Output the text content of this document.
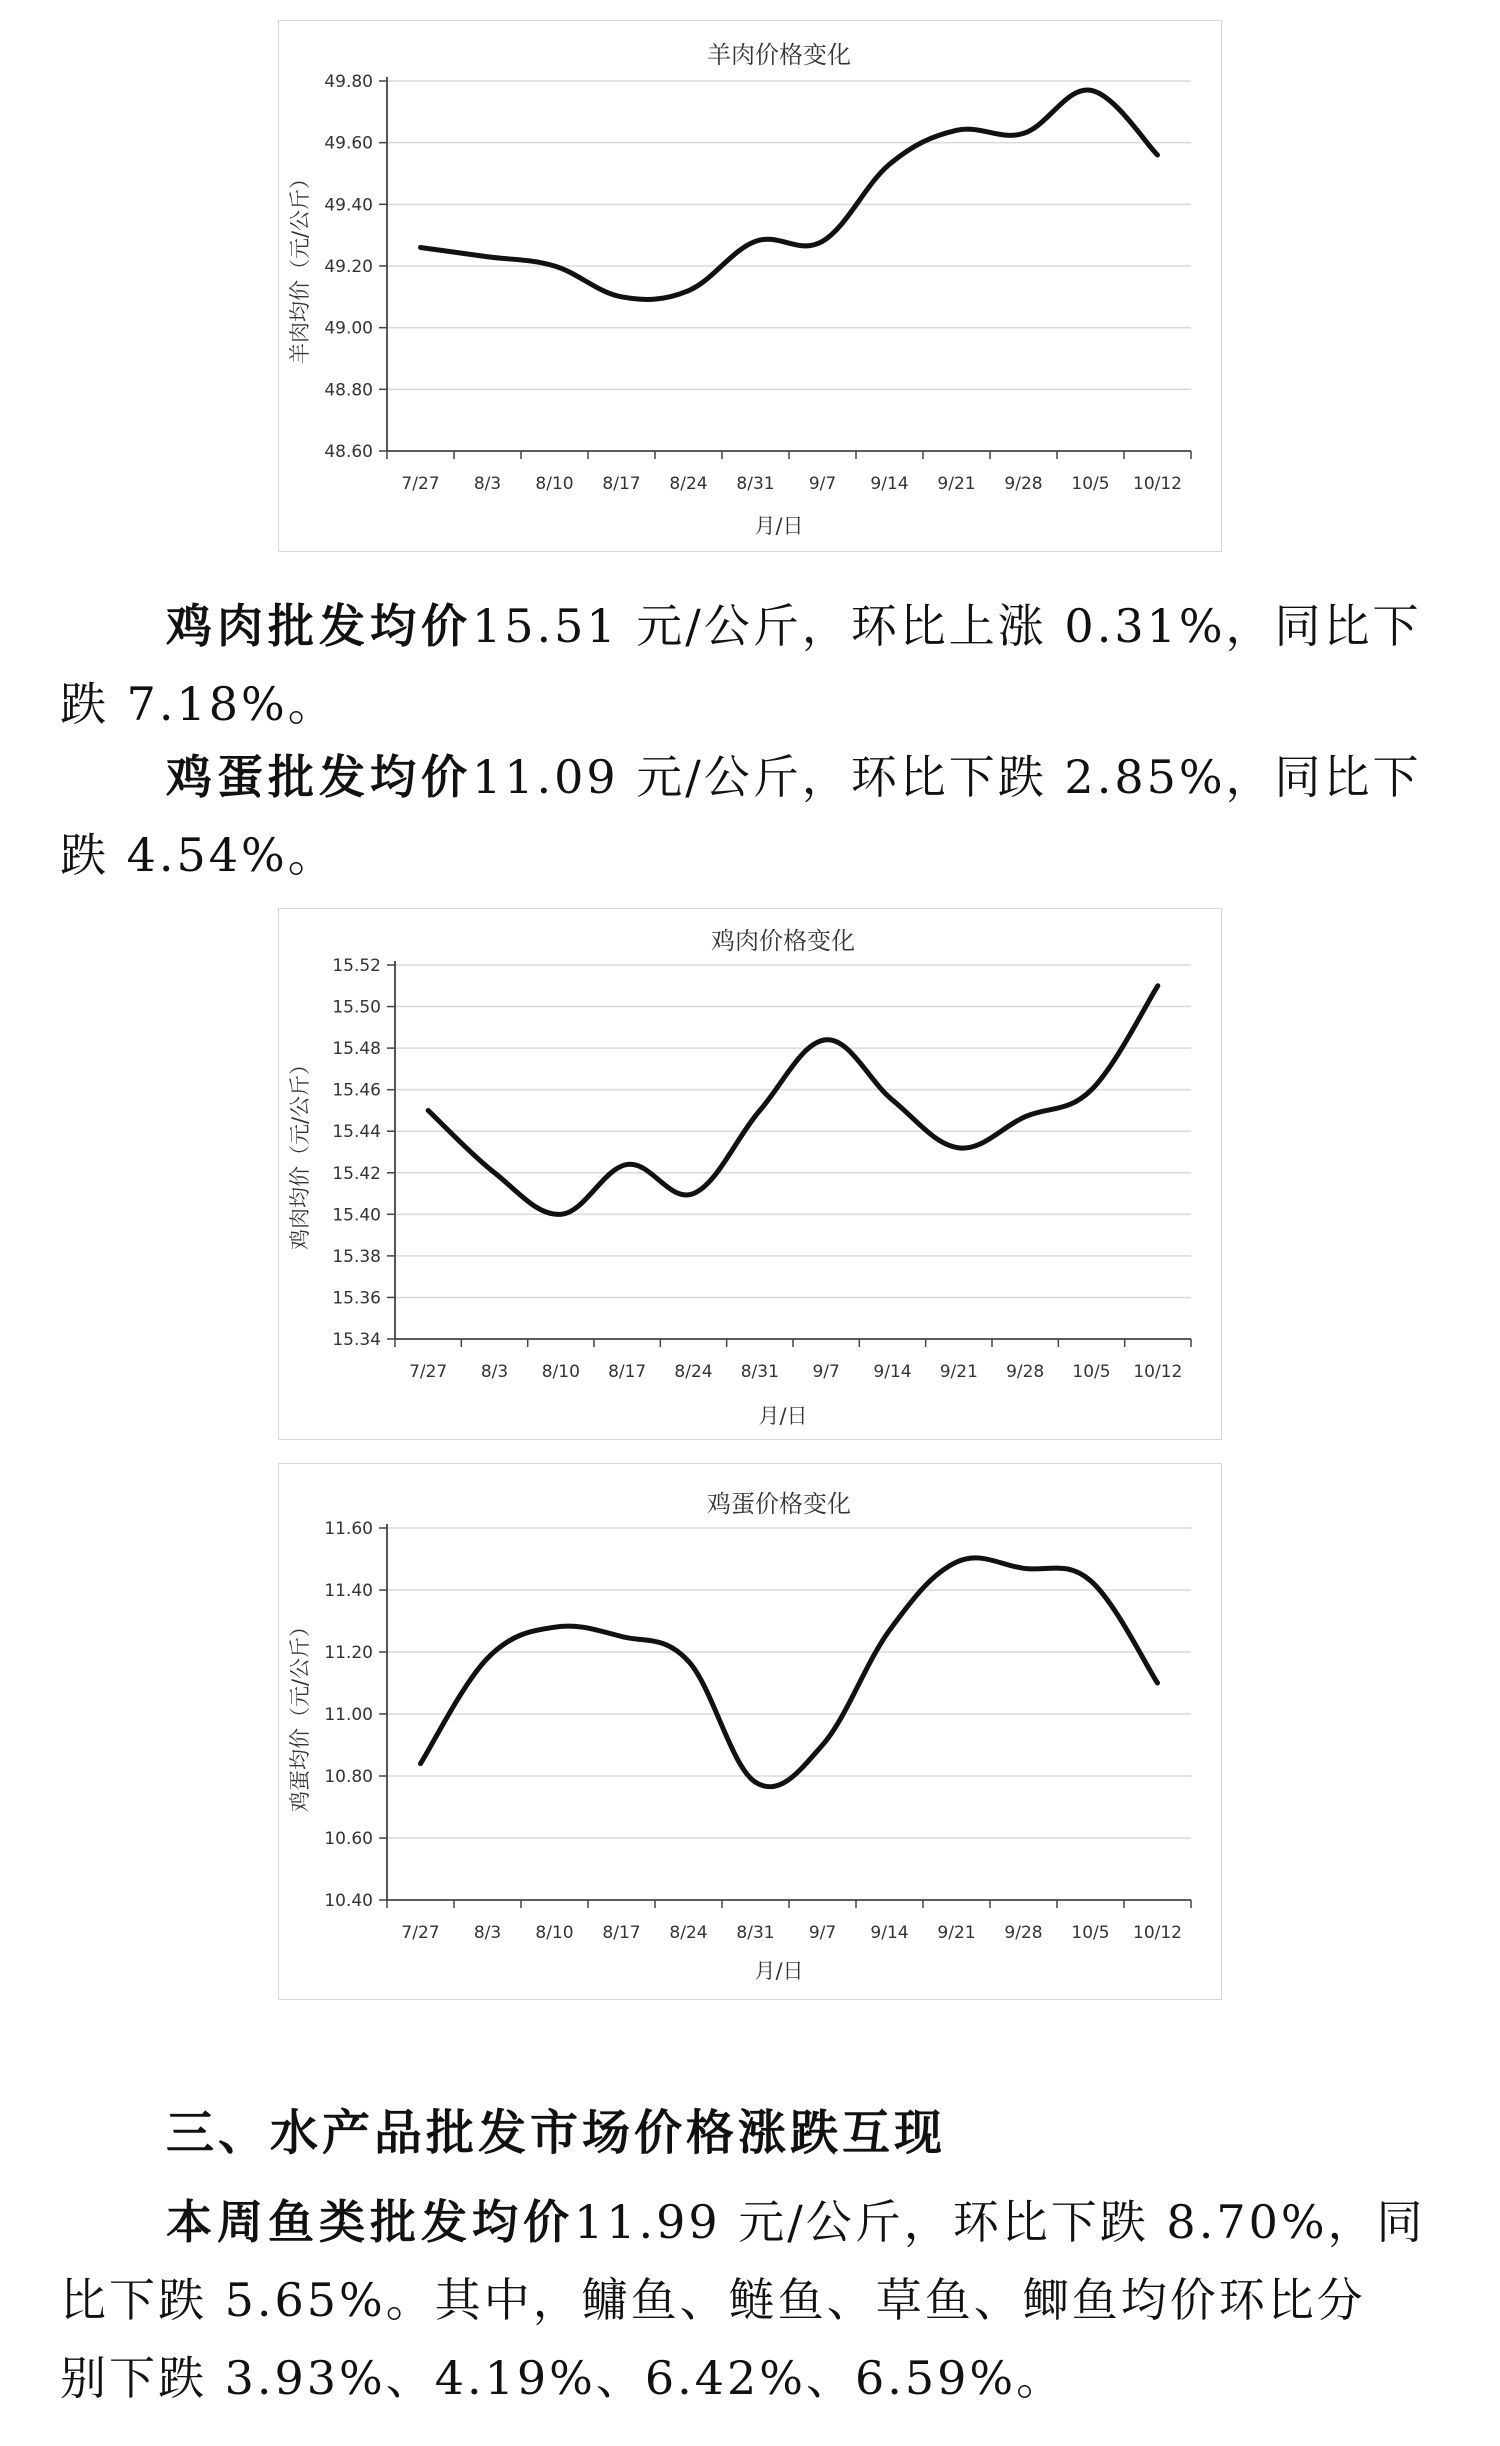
羊肉价格变化
48.60
48.80
49.00
49.20
49.40
49.60
49.80
7/27 8/3 8/10 8/17 8/24 8/31 9/7 9/14 9/21 9/28 10/5 10/12
月/日
羊肉均价（元/公斤）

鸡肉批发均价15.51 元/公斤，环比上涨 0.31%，同比下
跌 7.18%。

鸡蛋批发均价11.09 元/公斤，环比下跌 2.85%，同比下
跌 4.54%。

鸡肉价格变化
15.34
15.36
15.38
15.40
15.42
15.44
15.46
15.48
15.50
15.52
7/27 8/3 8/10 8/17 8/24 8/31 9/7 9/14 9/21 9/28 10/5 10/12
月/日
鸡肉均价（元/公斤）
鸡蛋价格变化
10.40
10.60
10.80
11.00
11.20
11.40
11.60
7/27 8/3 8/10 8/17 8/24 8/31 9/7 9/14 9/21 9/28 10/5 10/12
月/日
鸡蛋均价（元/公斤）
三、水产品批发市场价格涨跌互现

本周鱼类批发均价11.99 元/公斤，环比下跌 8.70%，同
比下跌 5.65%。其中，鳙鱼、鲢鱼、草鱼、鲫鱼均价环比分
别下跌 3.93%、4.19%、6.42%、6.59%。
